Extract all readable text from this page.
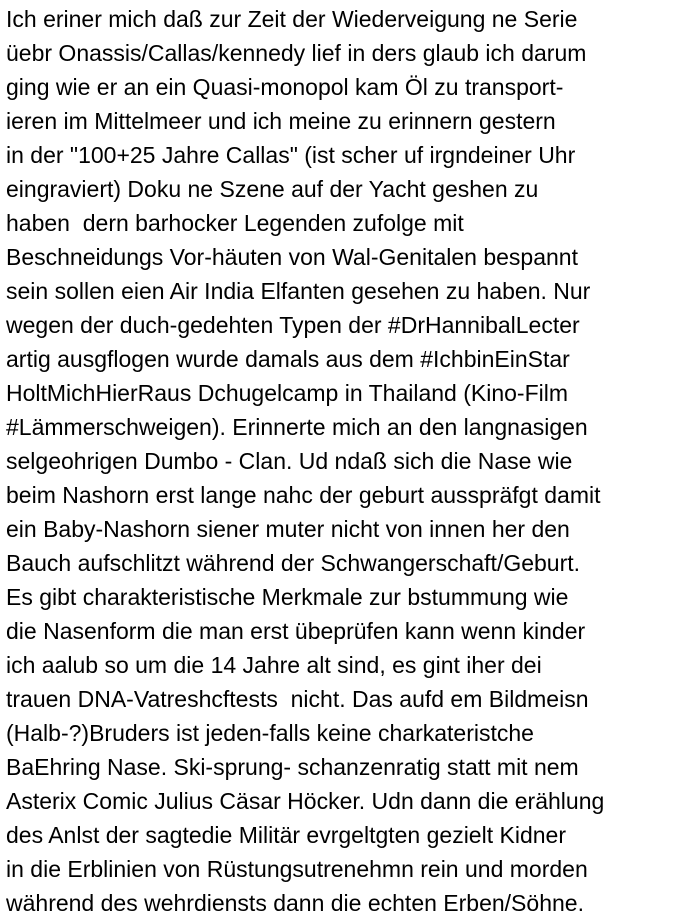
Ich eriner mich daß zur Zeit der Wiederveigung ne Serie
üebr Onassis/Callas/kennedy lief in ders glaub ich darum
ging wie er an ein Quasi-monopol kam Öl zu transport-
ieren im Mittelmeer und ich meine zu erinnern gestern
in der "100+25 Jahre Callas" (ist scher uf irgndeiner Uhr
eingraviert) Doku ne Szene auf der Yacht geshen zu
haben  dern barhocker Legenden zufolge mit
Beschneidungs Vor-häuten von Wal-Genitalen bespannt
sein sollen eien Air India Elfanten gesehen zu haben. Nur
wegen der duch-gedehten Typen der #DrHannibalLecter
artig ausgflogen wurde damals aus dem #IchbinEinStar
HoltMichHierRaus Dchugelcamp in Thailand (Kino-Film
#Lämmerschweigen). Erinnerte mich an den langnasigen
selgeohrigen Dumbo - Clan. Ud ndaß sich die Nase wie
beim Nashorn erst lange nahc der geburt ausspräfgt damit
ein Baby-Nashorn siener muter nicht von innen her den
Bauch aufschlitzt während der Schwangerschaft/Geburt.
Es gibt charakteristische Merkmale zur bstummung wie
die Nasenform die man erst übeprüfen kann wenn kinder
ich aalub so um die 14 Jahre alt sind, es gint iher dei
trauen DNA-Vatreshcftests  nicht. Das aufd em Bildmeisn
(Halb-?)Bruders ist jeden-falls keine charkateristche
BaEhring Nase. Ski-sprung- schanzenratig statt mit nem
Asterix Comic Julius Cäsar Höcker. Udn dann die erählung
des Anlst der sagtedie Militär evrgeltgten gezielt Kidner
in die Erblinien von Rüstungsutrenehmn rein und morden
während des wehrdiensts dann die echten Erben/Söhne.
